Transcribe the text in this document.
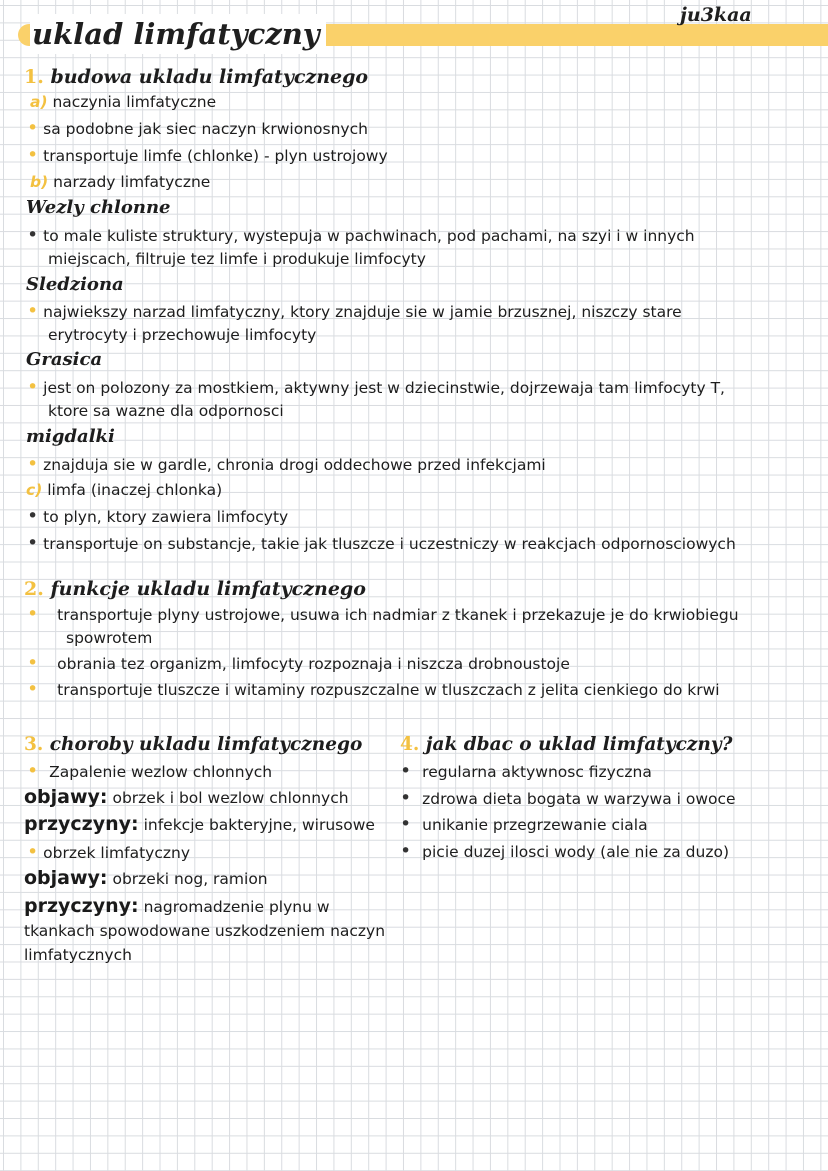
uklad limfatyczny

ju3kaa

1. budowa ukladu limfatycznego
a) naczynia limfatyczne
• sa podobne jak siec naczyn krwionosnych
• transportuje limfe (chlonke) - plyn ustrojowy
b) narzady limfatyczne
Wezly chlonne
• to male kuliste struktury, wystepuja w pachwinach, pod pachami, na szyi i w innych
miejscach, filtruje tez limfe i produkuje limfocyty
Sledziona
• najwiekszy narzad limfatyczny, ktory znajduje sie w jamie brzusznej, niszczy stare
erytrocyty i przechowuje limfocyty
Grasica
• jest on polozony za mostkiem, aktywny jest w dziecinstwie, dojrzewaja tam limfocyty T,
ktore sa wazne dla odpornosci
migdalki
• znajduja sie w gardle, chronia drogi oddechowe przed infekcjami
c) limfa (inaczej chlonka)
• to plyn, ktory zawiera limfocyty
• transportuje on substancje, takie jak tluszcze i uczestniczy w reakcjach odpornosciowych
2. funkcje ukladu limfatycznego
• transportuje plyny ustrojowe, usuwa ich nadmiar z tkanek i przekazuje je do krwiobiegu
spowrotem
• obrania tez organizm, limfocyty rozpoznaja i niszcza drobnoustoje
• transportuje tluszcze i witaminy rozpuszczalne w tluszczach z jelita cienkiego do krwi
3. choroby ukladu limfatycznego
• Zapalenie wezlow chlonnych
objawy: obrzek i bol wezlow chlonnych
przyczyny: infekcje bakteryjne, wirusowe
• obrzek limfatyczny
objawy: obrzeki nog, ramion
przyczyny: nagromadzenie plynu w
tkankach spowodowane uszkodzeniem naczyn
limfatycznych
4. jak dbac o uklad limfatyczny?
• regularna aktywnosc fizyczna
• zdrowa dieta bogata w warzywa i owoce
• unikanie przegrzewanie ciala
• picie duzej ilosci wody (ale nie za duzo)
